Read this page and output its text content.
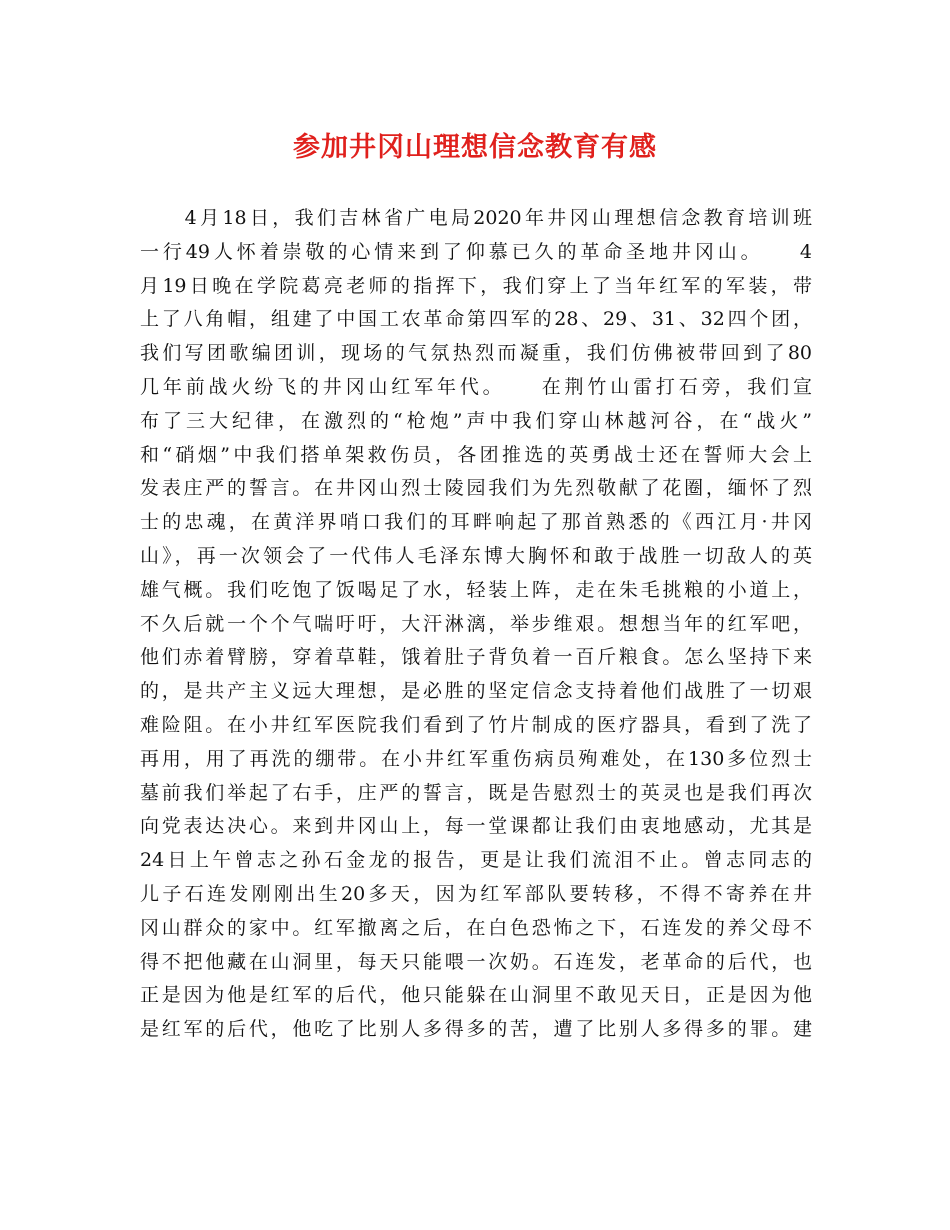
参加井冈山理想信念教育有感
　　4月18日，我们吉林省广电局2020年井冈山理想信念教育培训班
一行49人怀着崇敬的心情来到了仰慕已久的革命圣地井冈山。　　4
月19日晚在学院葛亮老师的指挥下，我们穿上了当年红军的军装，带
上了八角帽，组建了中国工农革命第四军的28、29、31、32四个团，
我们写团歌编团训，现场的气氛热烈而凝重，我们仿佛被带回到了80
几年前战火纷飞的井冈山红军年代。　　在荆竹山雷打石旁，我们宣
布了三大纪律，在激烈的“枪炮”声中我们穿山林越河谷，在“战火”
和“硝烟”中我们搭单架救伤员，各团推选的英勇战士还在誓师大会上
发表庄严的誓言。在井冈山烈士陵园我们为先烈敬献了花圈，缅怀了烈
士的忠魂，在黄洋界哨口我们的耳畔响起了那首熟悉的《西江月·井冈
山》，再一次领会了一代伟人毛泽东博大胸怀和敢于战胜一切敌人的英
雄气概。我们吃饱了饭喝足了水，轻装上阵，走在朱毛挑粮的小道上，
不久后就一个个气喘吁吁，大汗淋漓，举步维艰。想想当年的红军吧，
他们赤着臂膀，穿着草鞋，饿着肚子背负着一百斤粮食。怎么坚持下来
的，是共产主义远大理想，是必胜的坚定信念支持着他们战胜了一切艰
难险阻。在小井红军医院我们看到了竹片制成的医疗器具，看到了洗了
再用，用了再洗的绷带。在小井红军重伤病员殉难处，在130多位烈士
墓前我们举起了右手，庄严的誓言，既是告慰烈士的英灵也是我们再次
向党表达决心。来到井冈山上，每一堂课都让我们由衷地感动，尤其是
24日上午曾志之孙石金龙的报告，更是让我们流泪不止。曾志同志的
儿子石连发刚刚出生20多天，因为红军部队要转移，不得不寄养在井
冈山群众的家中。红军撤离之后，在白色恐怖之下，石连发的养父母不
得不把他藏在山洞里，每天只能喂一次奶。石连发，老革命的后代，也
正是因为他是红军的后代，他只能躲在山洞里不敢见天日，正是因为他
是红军的后代，他吃了比别人多得多的苦，遭了比别人多得多的罪。建
